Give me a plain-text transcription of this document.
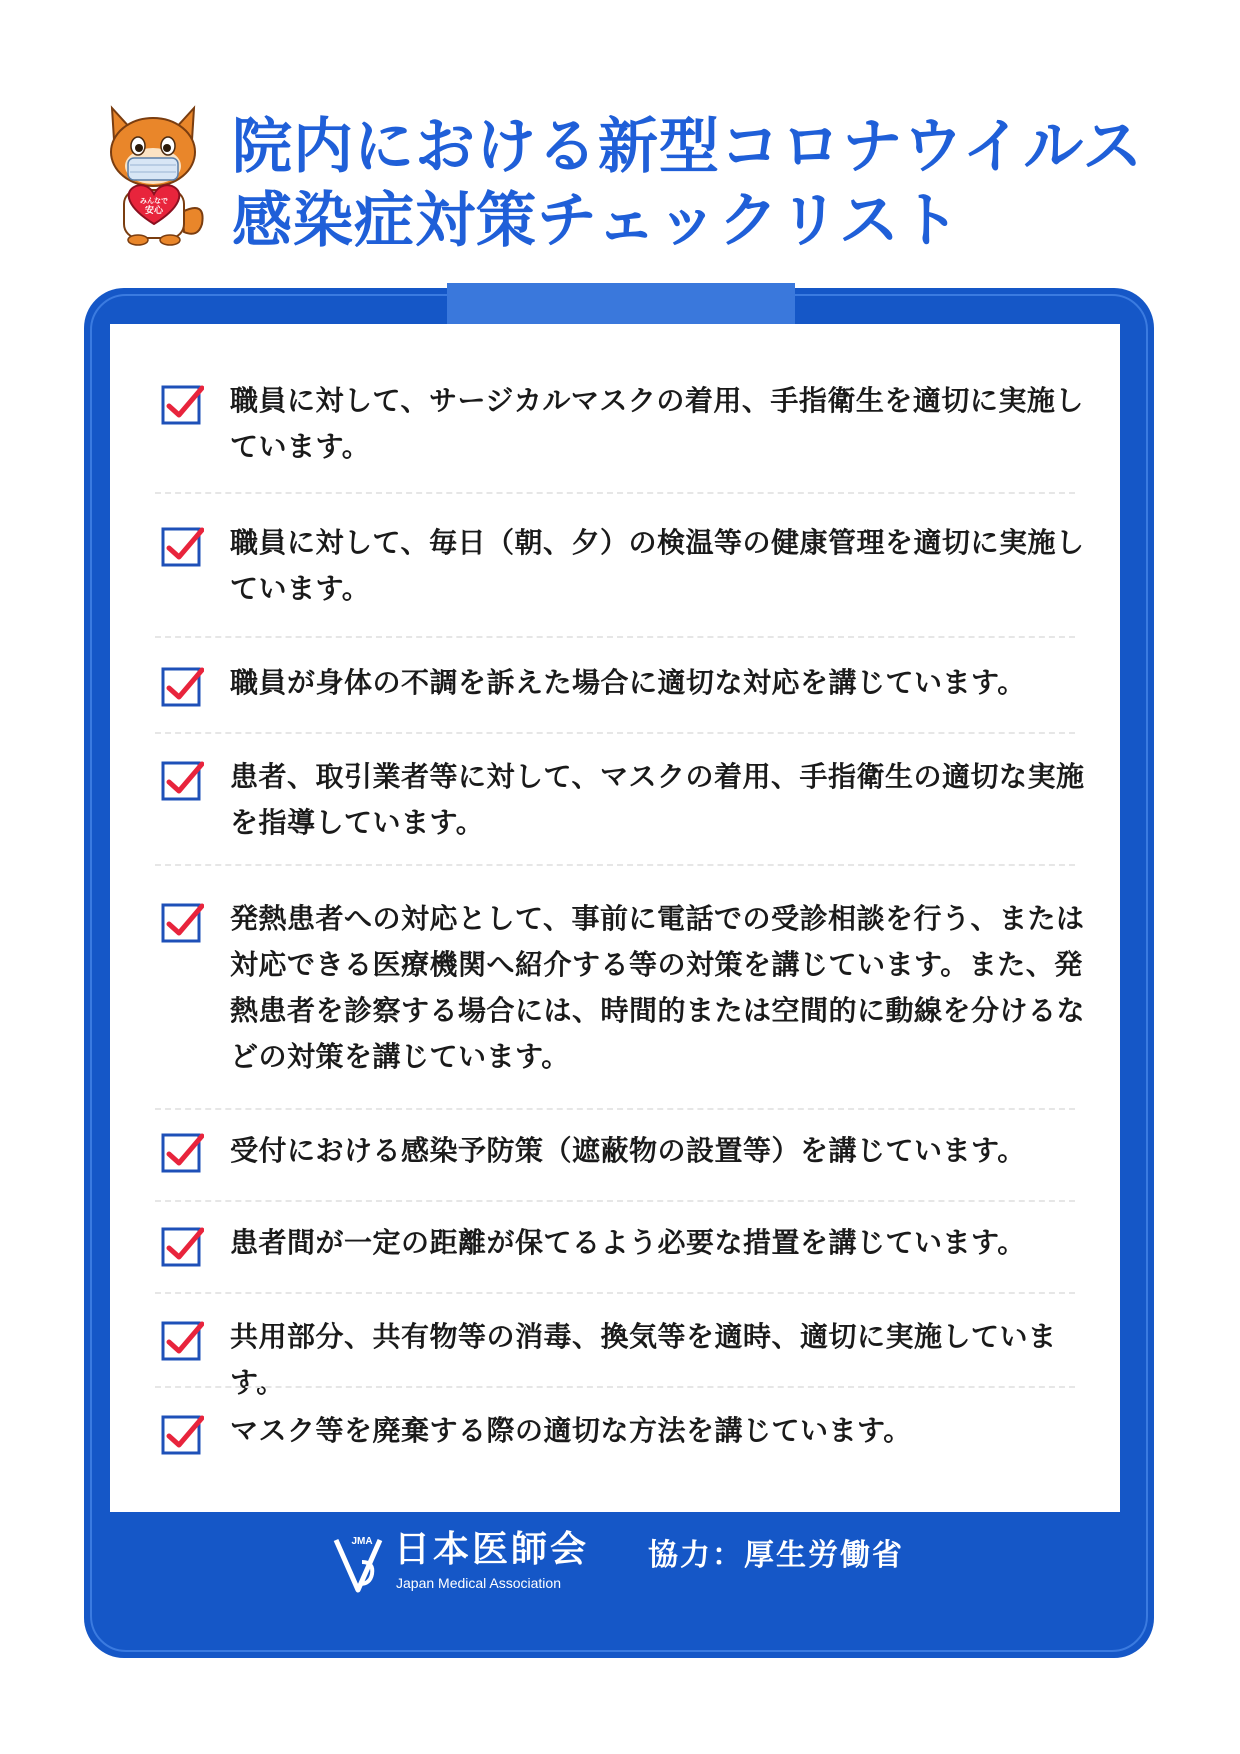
みんなで
安心
院内における新型コロナウイルス
感染症対策チェックリスト

職員に対して、サージカルマスクの着用、手指衛生を適切に実施しています。

職員に対して、毎日（朝、夕）の検温等の健康管理を適切に実施しています。

職員が身体の不調を訴えた場合に適切な対応を講じています。

患者、取引業者等に対して、マスクの着用、手指衛生の適切な実施を指導しています。

発熱患者への対応として、事前に電話での受診相談を行う、または対応できる医療機関へ紹介する等の対策を講じています。また、発熱患者を診察する場合には、時間的または空間的に動線を分けるなどの対策を講じています。

受付における感染予防策（遮蔽物の設置等）を講じています。

患者間が一定の距離が保てるよう必要な措置を講じています。

共用部分、共有物等の消毒、換気等を適時、適切に実施しています。

マスク等を廃棄する際の適切な方法を講じています。

JMA 日本医師会

Japan Medical Association

協力：厚生労働省
